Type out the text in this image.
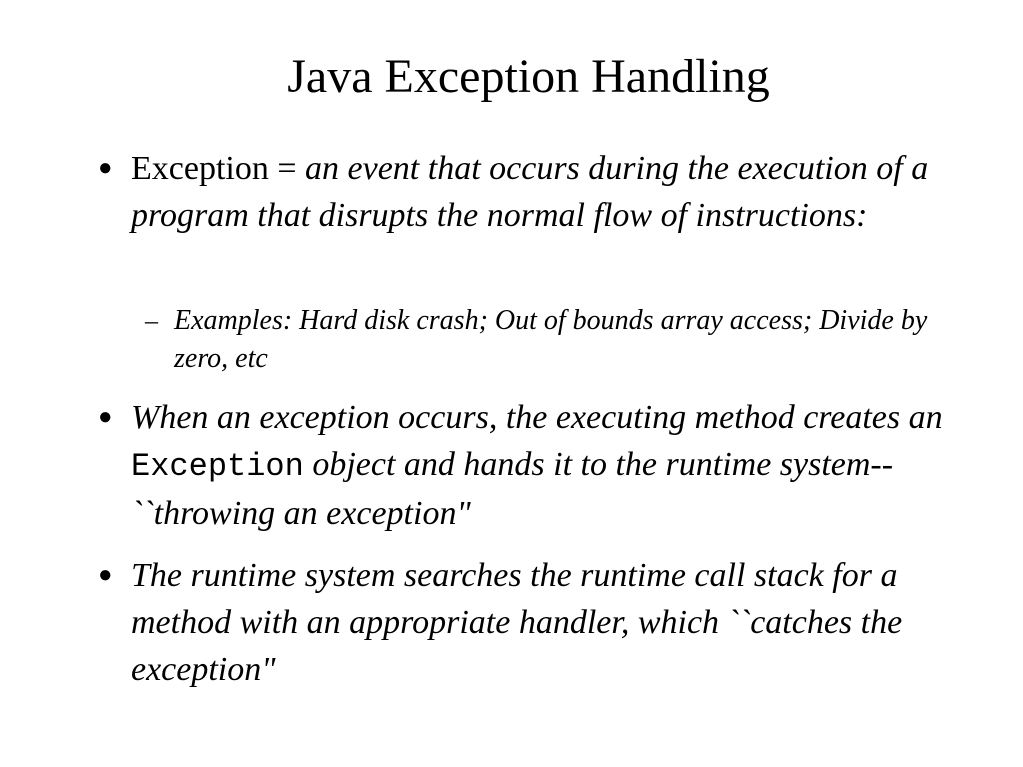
Java Exception Handling
● Exception = an event that occurs during the execution of a program that disrupts the normal flow of instructions:
– Examples: Hard disk crash; Out of bounds array access; Divide by zero, etc
● When an exception occurs, the executing method creates an Exception object and hands it to the runtime system--``throwing an exception"
● The runtime system searches the runtime call stack for a method with an appropriate handler, which ``catches the exception"
